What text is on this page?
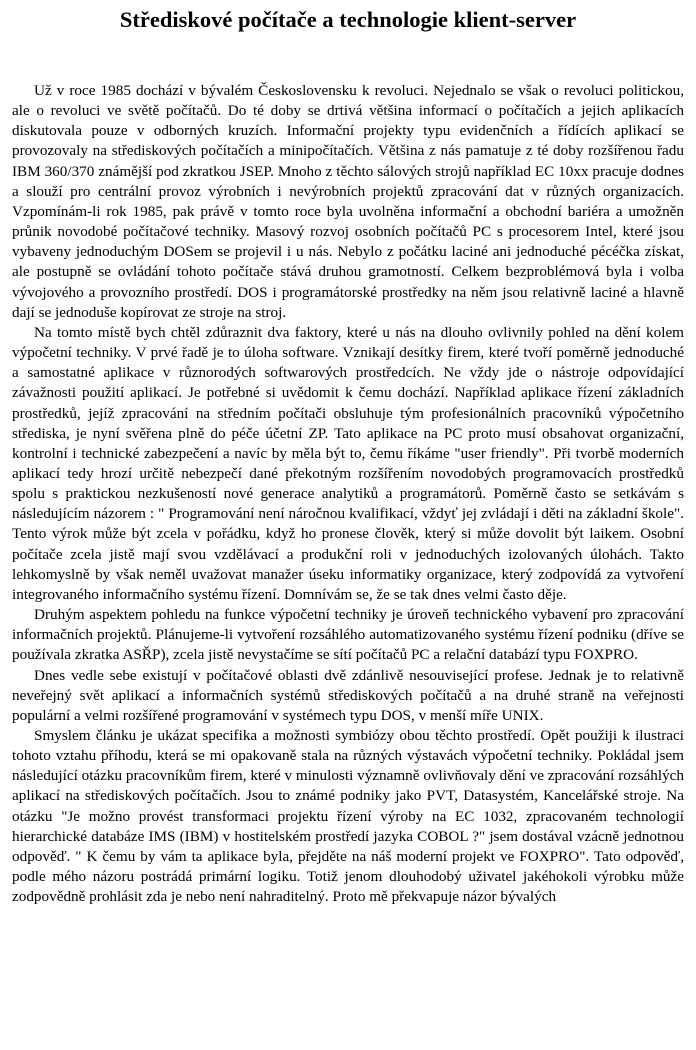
Střediskové počítače a technologie klient-server

Už v roce 1985 dochází v bývalém Československu k revoluci. Nejednalo se však o revoluci politickou, ale o revoluci ve světě počítačů. Do té doby se drtivá většina informací o počítačích a jejich aplikacích diskutovala pouze v odborných kruzích. Informační projekty typu evidenčních a řídících aplikací se provozovaly na střediskových počítačích a minipočítačích. Většina z nás pamatuje z té doby rozšířenou řadu IBM 360/370 známější pod zkratkou JSEP. Mnoho z těchto sálových strojů například EC 10xx pracuje dodnes a slouží pro centrální provoz výrobních i nevýrobních projektů zpracování dat v různých organizacích. Vzpomínám-li rok 1985, pak právě v tomto roce byla uvolněna informační a obchodní bariéra a umožněn průnik novodobé počítačové techniky. Masový rozvoj osobních počítačů PC s procesorem Intel, které jsou vybaveny jednoduchým DOSem se projevil i u nás. Nebylo z počátku laciné ani jednoduché pécéčka získat, ale postupně se ovládání tohoto počítače stává druhou gramotností. Celkem bezproblémová byla i volba vývojového a provozního prostředí. DOS i programátorské prostředky na něm jsou relativně laciné a hlavně dají se jednoduše kopírovat ze stroje na stroj.

Na tomto místě bych chtěl zdůraznit dva faktory, které u nás na dlouho ovlivnily pohled na dění kolem výpočetní techniky. V prvé řadě je to úloha software. Vznikají desítky firem, které tvoří poměrně jednoduché a samostatné aplikace v různorodých softwarových prostředcích. Ne vždy jde o nástroje odpovídající závažnosti použití aplikací. Je potřebné si uvědomit k čemu dochází. Například aplikace řízení základních prostředků, jejíž zpracování na středním počítači obsluhuje tým profesionálních pracovníků výpočetního střediska, je nyní svěřena plně do péče účetní ZP. Tato aplikace na PC proto musí obsahovat organizační, kontrolní i technické zabezpečení a navíc by měla být to, čemu říkáme "user friendly". Při tvorbě moderních aplikací tedy hrozí určitě nebezpečí dané překotným rozšířením novodobých programovacích prostředků spolu s praktickou nezkušeností nové generace analytiků a programátorů. Poměrně často se setkávám s následujícím názorem : " Programování není náročnou kvalifikací, vždyť jej zvládají i děti na základní škole". Tento výrok může být zcela v pořádku, když ho pronese člověk, který si může dovolit být laikem. Osobní počítače zcela jistě mají svou vzdělávací a produkční roli v jednoduchých izolovaných úlohách. Takto lehkomyslně by však neměl uvažovat manažer úseku informatiky organizace, který zodpovídá za vytvoření integrovaného informačního systému řízení. Domnívám se, že se tak dnes velmi často děje.

Druhým aspektem pohledu na funkce výpočetní techniky je úroveň technického vybavení pro zpracování informačních projektů. Plánujeme-li vytvoření rozsáhlého automatizovaného systému řízení podniku (dříve se používala zkratka ASŘP), zcela jistě nevystačíme se sítí počítačů PC a relační databází typu FOXPRO.

Dnes vedle sebe existují v počítačové oblasti dvě zdánlivě nesouvisející profese. Jednak je to relativně neveřejný svět aplikací a informačních systémů střediskových počítačů a na druhé straně na veřejnosti populární a velmi rozšířené programování v systémech typu DOS, v menší míře UNIX.

Smyslem článku je ukázat specifika a možnosti symbiózy obou těchto prostředí. Opět použiji k ilustraci tohoto vztahu příhodu, která se mi opakovaně stala na různých výstavách výpočetní techniky. Pokládal jsem následující otázku pracovníkům firem, které v minulosti významně ovlivňovaly dění ve zpracování rozsáhlých aplikací na střediskových počítačích. Jsou to známé podniky jako PVT, Datasystém, Kancelářské stroje. Na otázku "Je možno provést transformaci projektu řízení výroby na EC 1032, zpracovaném technologií hierarchické databáze IMS (IBM) v hostitelském prostředí jazyka COBOL ?" jsem dostával vzácně jednotnou odpověď. " K čemu by vám ta aplikace byla, přejděte na náš moderní projekt ve FOXPRO". Tato odpověď, podle mého názoru postrádá primární logiku. Totiž jenom dlouhodobý uživatel jakéhokoli výrobku může zodpovědně prohlásit zda je nebo není nahraditelný. Proto mě překvapuje názor bývalých
